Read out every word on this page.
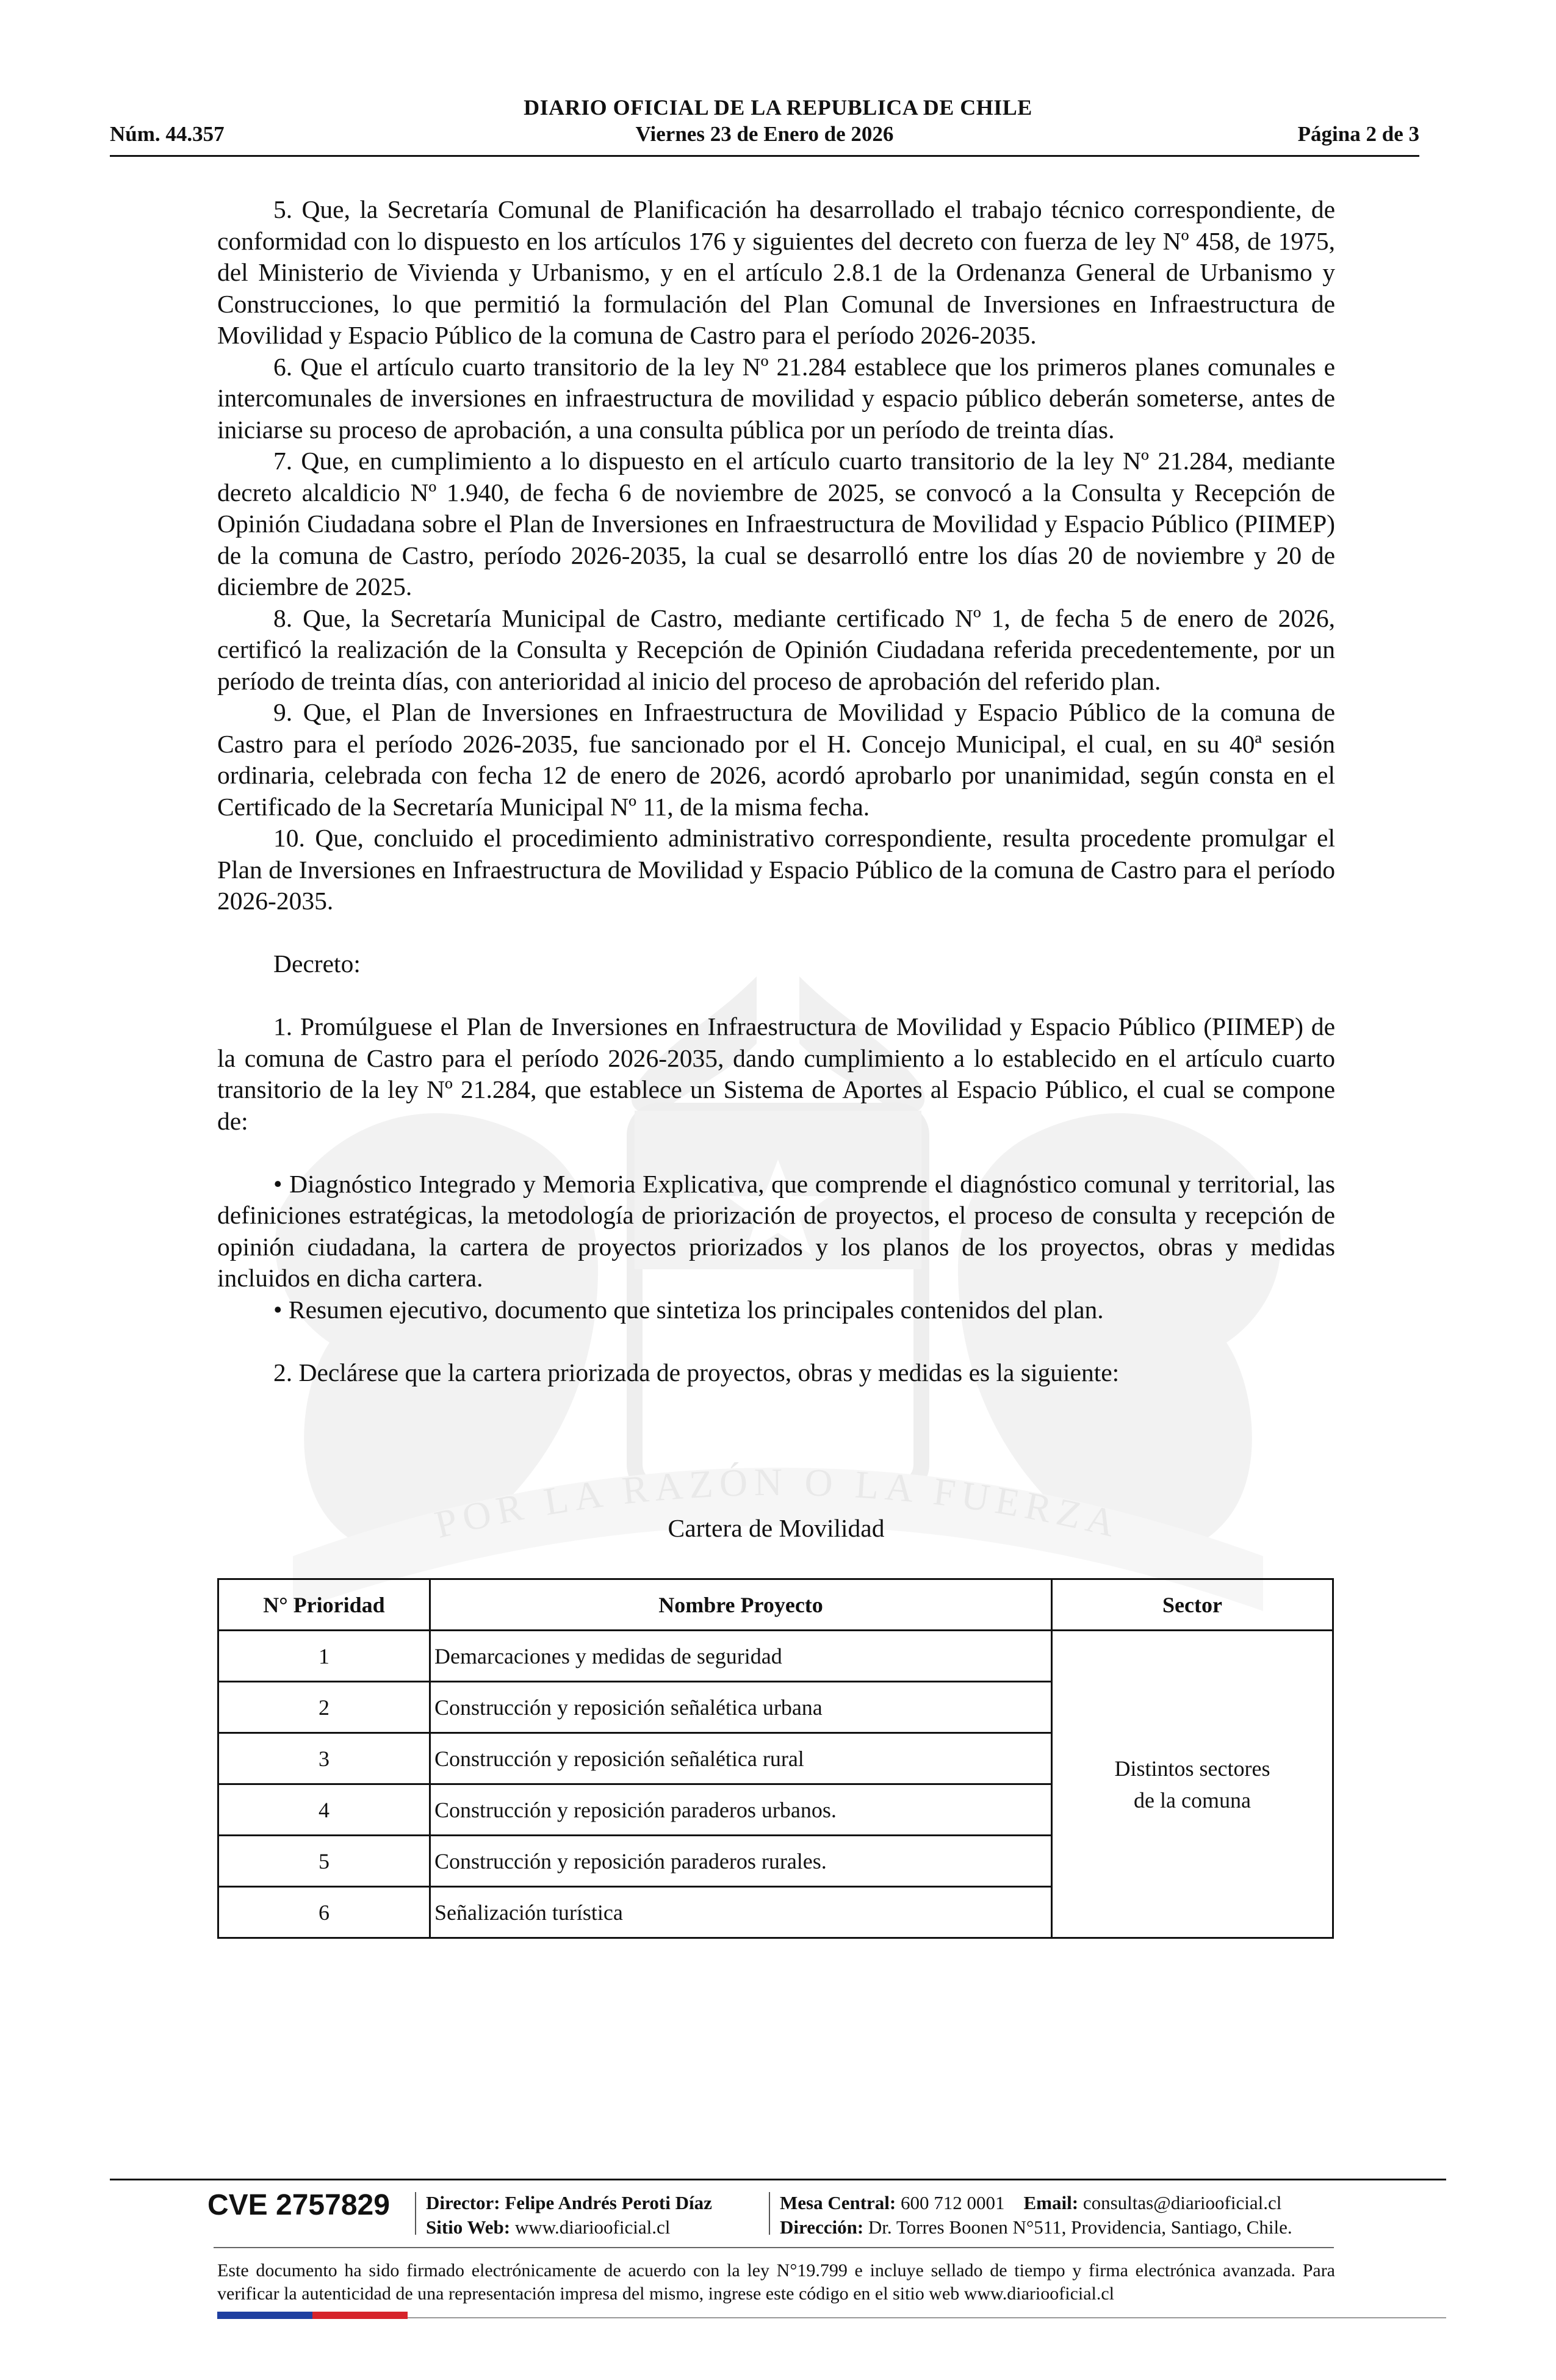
DIARIO OFICIAL DE LA REPUBLICA DE CHILE
Núm. 44.357	Viernes 23 de Enero de 2026	Página 2 de 3
POR LA RAZÓN O LA FUERZA

5. Que, la Secretaría Comunal de Planificación ha desarrollado el trabajo técnico correspondiente, de conformidad con lo dispuesto en los artículos 176 y siguientes del decreto con fuerza de ley Nº 458, de 1975, del Ministerio de Vivienda y Urbanismo, y en el artículo 2.8.1 de la Ordenanza General de Urbanismo y Construcciones, lo que permitió la formulación del Plan Comunal de Inversiones en Infraestructura de Movilidad y Espacio Público de la comuna de Castro para el período 2026-2035.

6. Que el artículo cuarto transitorio de la ley Nº 21.284 establece que los primeros planes comunales e intercomunales de inversiones en infraestructura de movilidad y espacio público deberán someterse, antes de iniciarse su proceso de aprobación, a una consulta pública por un período de treinta días.

7. Que, en cumplimiento a lo dispuesto en el artículo cuarto transitorio de la ley Nº 21.284, mediante decreto alcaldicio Nº 1.940, de fecha 6 de noviembre de 2025, se convocó a la Consulta y Recepción de Opinión Ciudadana sobre el Plan de Inversiones en Infraestructura de Movilidad y Espacio Público (PIIMEP) de la comuna de Castro, período 2026-2035, la cual se desarrolló entre los días 20 de noviembre y 20 de diciembre de 2025.

8. Que, la Secretaría Municipal de Castro, mediante certificado Nº 1, de fecha 5 de enero de 2026, certificó la realización de la Consulta y Recepción de Opinión Ciudadana referida precedentemente, por un período de treinta días, con anterioridad al inicio del proceso de aprobación del referido plan.

9. Que, el Plan de Inversiones en Infraestructura de Movilidad y Espacio Público de la comuna de Castro para el período 2026-2035, fue sancionado por el H. Concejo Municipal, el cual, en su 40ª sesión ordinaria, celebrada con fecha 12 de enero de 2026, acordó aprobarlo por unanimidad, según consta en el Certificado de la Secretaría Municipal Nº 11, de la misma fecha.

10. Que, concluido el procedimiento administrativo correspondiente, resulta procedente promulgar el Plan de Inversiones en Infraestructura de Movilidad y Espacio Público de la comuna de Castro para el período 2026-2035.

Decreto:

1. Promúlguese el Plan de Inversiones en Infraestructura de Movilidad y Espacio Público (PIIMEP) de la comuna de Castro para el período 2026-2035, dando cumplimiento a lo establecido en el artículo cuarto transitorio de la ley Nº 21.284, que establece un Sistema de Aportes al Espacio Público, el cual se compone de:

• Diagnóstico Integrado y Memoria Explicativa, que comprende el diagnóstico comunal y territorial, las definiciones estratégicas, la metodología de priorización de proyectos, el proceso de consulta y recepción de opinión ciudadana, la cartera de proyectos priorizados y los planos de los proyectos, obras y medidas incluidos en dicha cartera.

• Resumen ejecutivo, documento que sintetiza los principales contenidos del plan.

2. Declárese que la cartera priorizada de proyectos, obras y medidas es la siguiente:

Cartera de Movilidad
N° Prioridad	Nombre Proyecto	Sector
1	Demarcaciones y medidas de seguridad	Distintos sectores
de la comuna
2	Construcción y reposición señalética urbana	
3	Construcción y reposición señalética rural	
4	Construcción y reposición paraderos urbanos.	
5	Construcción y reposición paraderos rurales.	
6	Señalización turística	
CVE 2757829 Director: Felipe Andrés Peroti Díaz
Sitio Web: www.diariooficial.cl
Mesa Central: 600 712 0001 Email: consultas@diariooficial.cl
Dirección: Dr. Torres Boonen N°511, Providencia, Santiago, Chile.
Este documento ha sido firmado electrónicamente de acuerdo con la ley N°19.799 e incluye sellado de tiempo y firma electrónica avanzada. Para verificar la autenticidad de una representación impresa del mismo, ingrese este código en el sitio web www.diariooficial.cl
